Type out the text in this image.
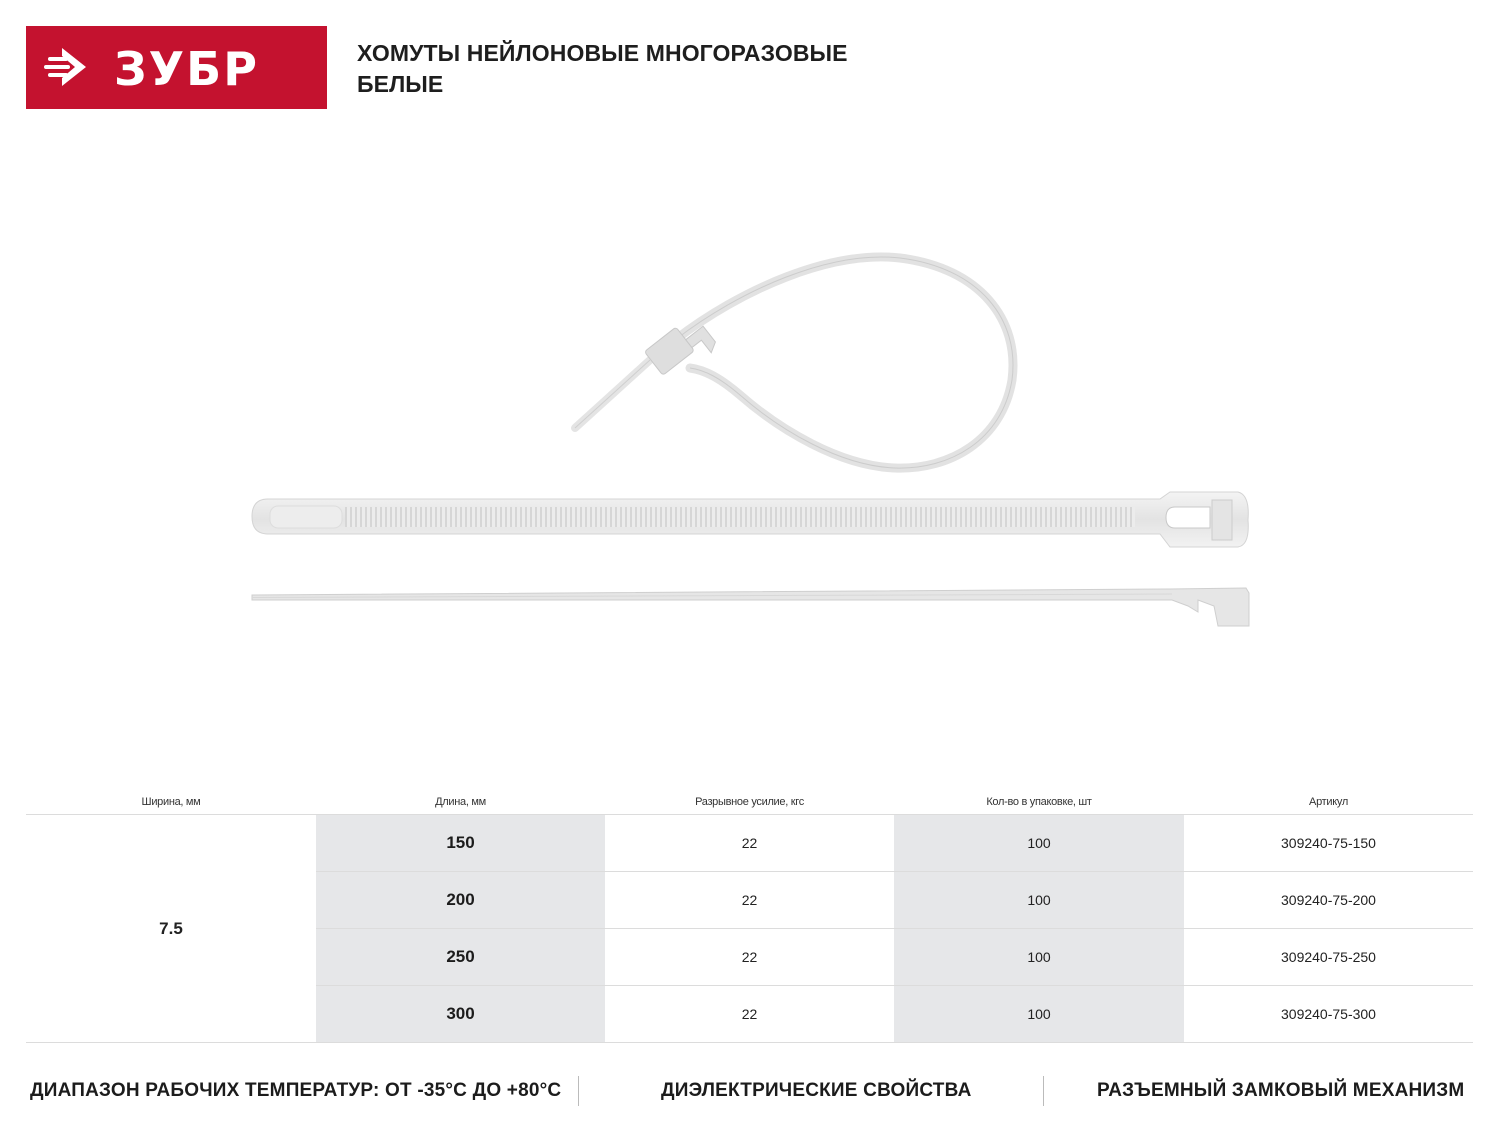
ЗУБР	ХОМУТЫ НЕЙЛОНОВЫЕ МНОГОРАЗОВЫЕ
БЕЛЫЕ
Ширина, мм	Длина, мм	Разрывное усилие, кгс	Кол-во в упаковке, шт	Артикул
7.5	150	22	100	309240-75-150
	200	22	100	309240-75-200
	250	22	100	309240-75-250
	300	22	100	309240-75-300
ДИАПАЗОН РАБОЧИХ ТЕМПЕРАТУР: ОТ -35°С ДО +80°С	ДИЭЛЕКТРИЧЕСКИЕ СВОЙСТВА	РАЗЪЕМНЫЙ ЗАМКОВЫЙ МЕХАНИЗМ
